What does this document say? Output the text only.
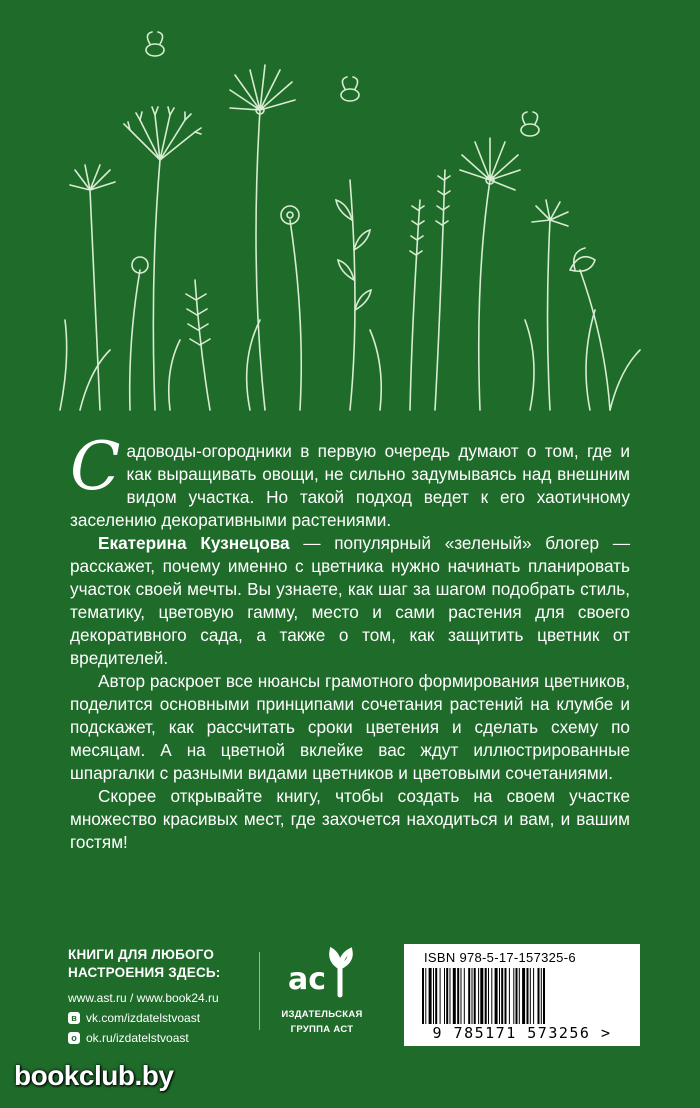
Садоводы-огородники в первую очередь думают о том, где и как выращивать овощи, не сильно задумываясь над внешним видом участка. Но такой подход ведет к его хаотичному заселению декоративными растениями.

Екатерина Кузнецова — популярный «зеленый» блогер — расскажет, почему именно с цветника нужно начинать планировать участок своей мечты. Вы узнаете, как шаг за шагом подобрать стиль, тематику, цветовую гамму, место и сами растения для своего декоративного сада, а также о том, как защитить цветник от вредителей.

Автор раскроет все нюансы грамотного формирования цветников, поделится основными принципами сочетания растений на клумбе и подскажет, как рассчитать сроки цветения и сделать схему по месяцам. А на цветной вклейке вас ждут иллюстрированные шпаргалки с разными видами цветников и цветовыми сочетаниями.

Скорее открывайте книгу, чтобы создать на своем участке множество красивых мест, где захочется находиться и вам, и вашим гостям!

КНИГИ ДЛЯ ЛЮБОГО
НАСТРОЕНИЯ ЗДЕСЬ:
www.ast.ru / www.book24.ru
в vk.com/izdatelstvoast
о ok.ru/izdatelstvoast
ас
ИЗДАТЕЛЬСКАЯ
ГРУППА АСТ
ISBN 978-5-17-157325-6
9 785171 573256 >
bookclub.by
